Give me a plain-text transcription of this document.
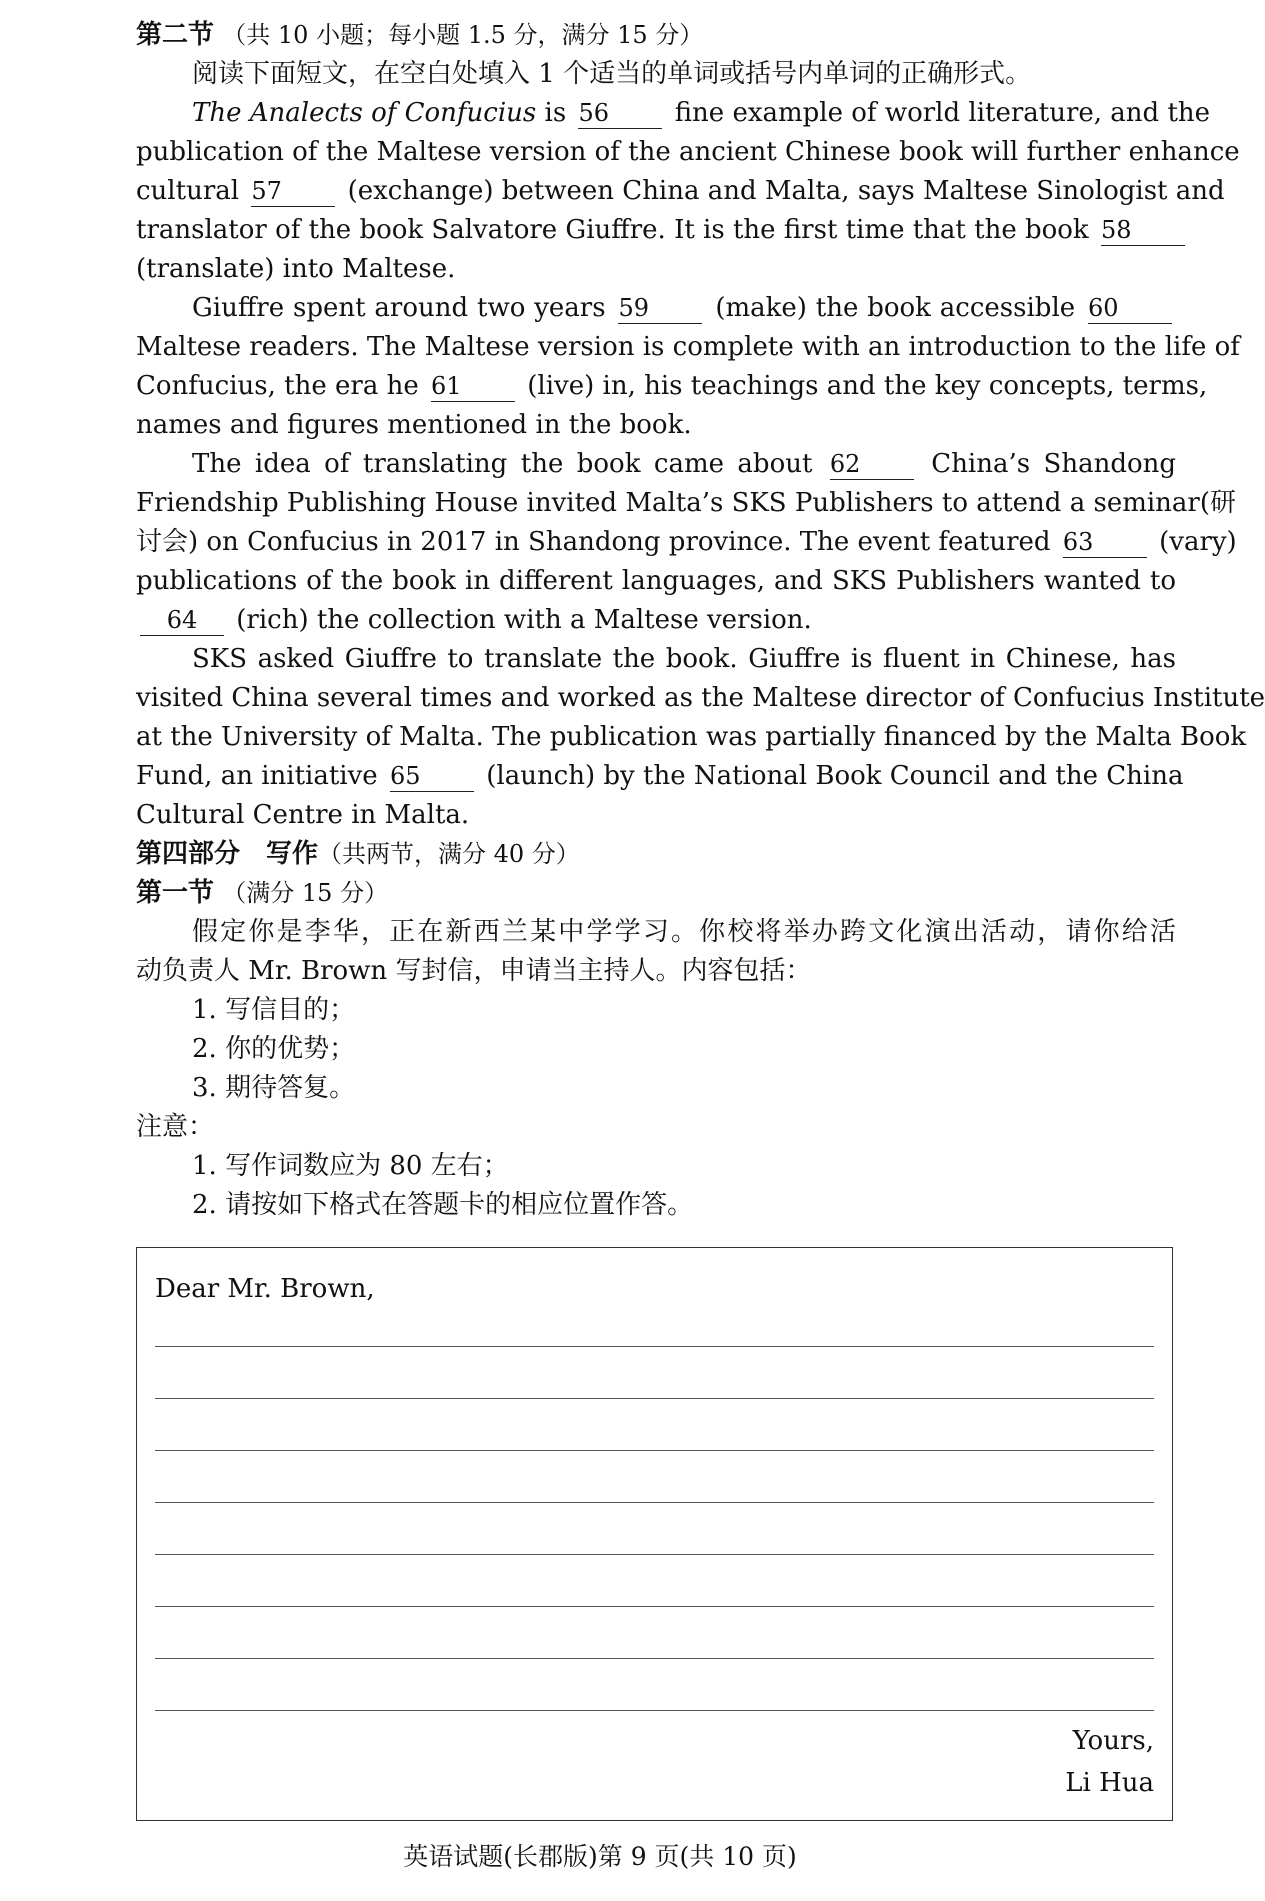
第二节 （共 10 小题；每小题 1.5 分，满分 15 分）
阅读下面短文，在空白处填入 1 个适当的单词或括号内单词的正确形式。
The Analects of Confucius is 56	fine example of world literature, and the
publication of the Maltese version of the ancient Chinese book will further enhance
cultural 57	(exchange) between China and Malta, says Maltese Sinologist and
translator of the book Salvatore Giuffre. It is the first time that the book 58
(translate) into Maltese.
Giuffre spent around two years 59	(make) the book accessible 60
Maltese readers. The Maltese version is complete with an introduction to the life of
Confucius, the era he 61	(live) in, his teachings and the key concepts, terms,
names and figures mentioned in the book.
The idea of translating the book came about 62	China’s Shandong
Friendship Publishing House invited Malta’s SKS Publishers to attend a seminar(研
讨会) on Confucius in 2017 in Shandong province. The event featured 63	(vary)
publications of the book in different languages, and SKS Publishers wanted to
64 (rich) the collection with a Maltese version.
SKS asked Giuffre to translate the book. Giuffre is fluent in Chinese, has
visited China several times and worked as the Maltese director of Confucius Institute
at the University of Malta. The publication was partially financed by the Malta Book
Fund, an initiative 65	(launch) by the National Book Council and the China
Cultural Centre in Malta.
第四部分　写作（共两节，满分 40 分）
第一节 （满分 15 分）
假定你是李华，正在新西兰某中学学习。你校将举办跨文化演出活动，请你给活
动负责人 Mr. Brown 写封信，申请当主持人。内容包括：
1. 写信目的；
2. 你的优势；
3. 期待答复。
注意：
1. 写作词数应为 80 左右；
2. 请按如下格式在答题卡的相应位置作答。
Dear Mr. Brown,
Yours,
Li Hua
英语试题(长郡版)第 9 页(共 10 页)
